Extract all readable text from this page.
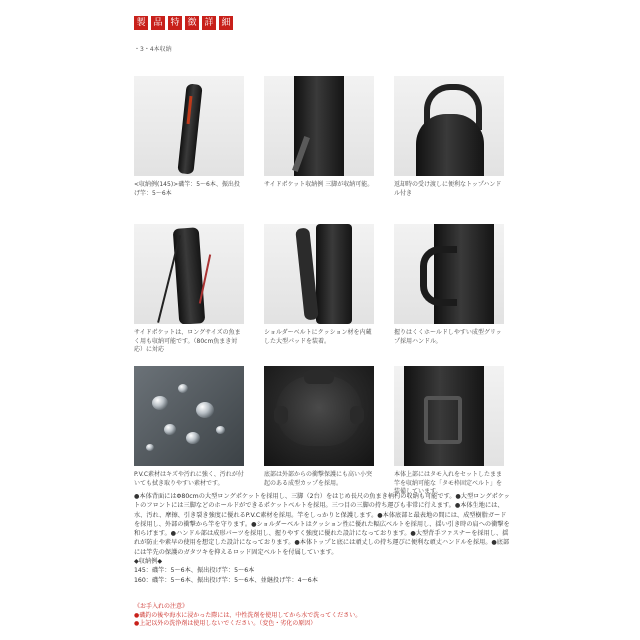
製 品 特 徴 詳 細
・3・4本収納
<収納例(145)>磯竿：5～6本、振出投げ竿：5～6本
サイドポケット収納例 三脚が収納可能。	返却時の受け渡しに便利なトップハンドル付き
サイドポケットは、ロングサイズの魚まく用も収納可能です。（80cm魚まき対応）に対応
ショルダーベルトにクッション材を内蔵した大型パッドを装着。
握りはくくホールドしやすい成型グリップ採用ハンドル。
P.V.C素材はキズや汚れに強く、汚れが付いても拭き取りやすい素材です。
底部は外部からの衝撃保護にも高い小突起のある成型カップを採用。
本体上部にはタモ入れをセットしたまま竿を収納可能な「タモ枠固定ベルト」を装備しています。
●本体背面にはΦ80cmの大型ロングポケットを採用し、三脚（2台）をはじめ長尺の魚まき柄杓の収納も可能です。●大型ロングポケットのフロントには三脚などのホールドができるポケットベルトを採用。三つ目の三脚の持ち運びも非常に行えます。●本体生地には、水、汚れ、摩擦、引き裂き強度に優れるP.V.C素材を採用。竿をしっかりと保護します。●本体底部と最表地の間には、成型樹脂ガードを採用し、外部の衝撃から竿を守ります。●ショルダーベルトはクッション性に優れた幅広ベルトを採用し、揺い引き時の肩への衝撃を和らげます。●ハンドル部は成形パーツを採用し、握りやすく強度に優れた設計になっております。●大型背手ファスナーを採用し、揺れが防止や素早の使用を想定した設計になっております。●本体トップと底には頑丈しの持ち運びに便利な頑丈ハンドルを採用。●底部には竿先の保護のガタツキを抑えるロッド固定ベルトを付属しています。
◆収納例◆
145：磯竿：5～6本、振出投げ竿：5～6本
160：磯竿：5～6本、振出投げ竿：5～6本、並継投げ竿：4～6本
《お手入れの注意》
●磯釣の後や海水に浸かった際には、中性洗剤を使用してから水で洗ってください。
●上記以外の洗浄剤は使用しないでください。（変色・劣化の原因）
